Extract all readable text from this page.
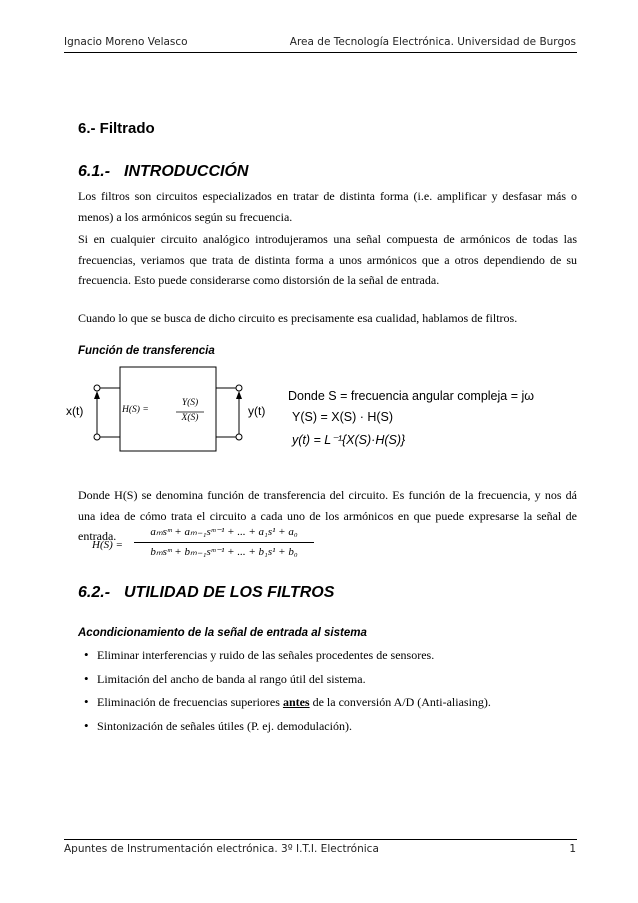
Ignacio Moreno Velasco	Area de Tecnología Electrónica. Universidad de Burgos
6.- Filtrado
6.1.- INTRODUCCIÓN
Los filtros son circuitos especializados en tratar de distinta forma (i.e. amplificar y desfasar más o menos) a los armónicos según su frecuencia.
Si en cualquier circuito analógico introdujeramos una señal compuesta de armónicos de todas las frecuencias, veriamos que trata de distinta forma a unos armónicos que a otros dependiendo de su frecuencia. Esto puede considerarse como distorsión de la señal de entrada.
Cuando lo que se busca de dicho circuito es precisamente esa cualidad, hablamos de filtros.
Función de transferencia
x(t)	y(t)
H(S) =
Y(S)
X(S)
Donde S = frecuencia angular compleja = jω
Y(S) = X(S) · H(S)
y(t) = L⁻¹{X(S)·H(S)}
Donde H(S) se denomina función de transferencia del circuito. Es función de la frecuencia, y nos dá una idea de cómo trata el circuito a cada uno de los armónicos en que puede expresarse la señal de entrada.
H(S) =
aₘsᵐ + aₘ₋₁sᵐ⁻¹ + ... + a₁s¹ + a₀
bₘsᵐ + bₘ₋₁sᵐ⁻¹ + ... + b₁s¹ + b₀
6.2.- UTILIDAD DE LOS FILTROS
Acondicionamiento de la señal de entrada al sistema
• Eliminar interferencias y ruido de las señales procedentes de sensores.
• Limitación del ancho de banda al rango útil del sistema.
• Eliminación de frecuencias superiores antes de la conversión A/D (Anti-aliasing).
• Sintonización de señales útiles (P. ej. demodulación).
Apuntes de Instrumentación electrónica. 3º I.T.I. Electrónica	1
